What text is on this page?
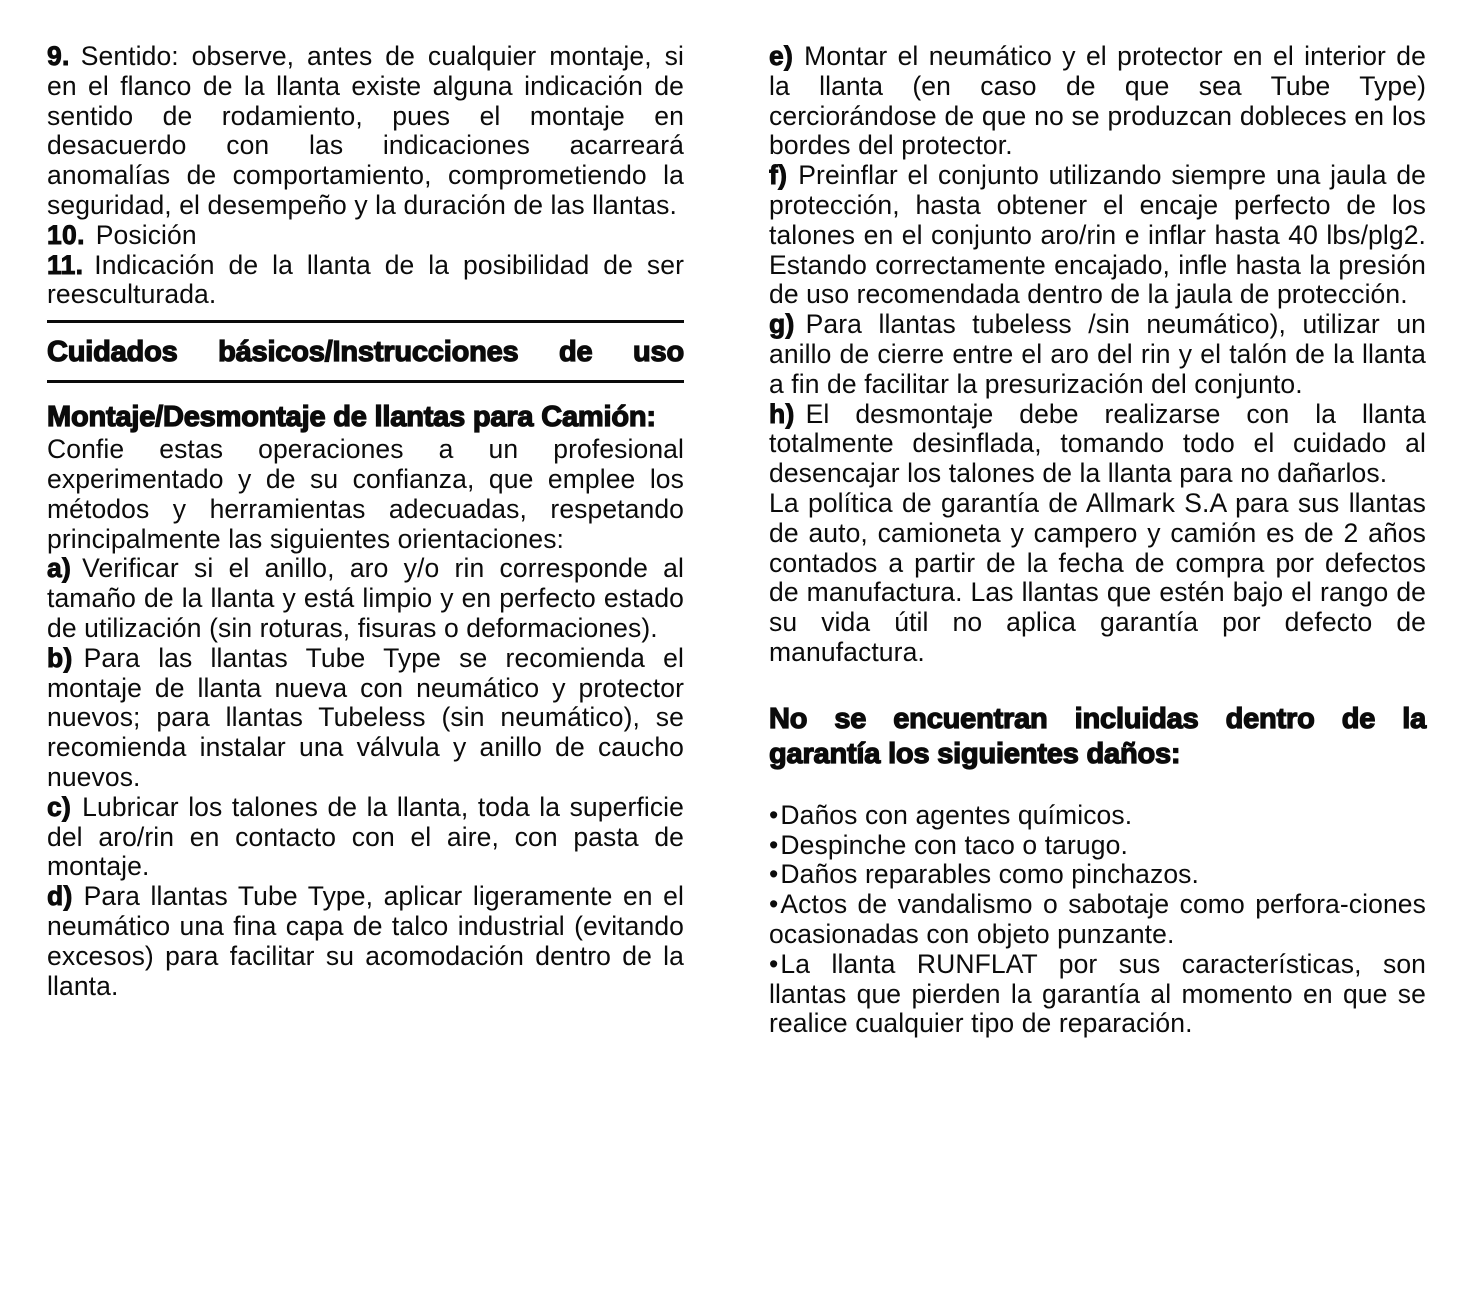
9. Sentido: observe, antes de cualquier montaje, si en el flanco de la llanta existe alguna indicación de sentido de rodamiento, pues el montaje en desacuerdo con las indicaciones acarreará anomalías de comportamiento, comprometiendo la seguridad, el desempeño y la duración de las llantas.

10. Posición

11. Indicación de la llanta de la posibilidad de ser reesculturada.

Cuidados básicos/Instrucciones de uso
Montaje/Desmontaje de llantas para Camión:

Confie estas operaciones a un profesional experimentado y de su confianza, que emplee los métodos y herramientas adecuadas, respetando principalmente las siguientes orientaciones:

a) Verificar si el anillo, aro y/o rin corresponde al tamaño de la llanta y está limpio y en perfecto estado de utilización (sin roturas, fisuras o deformaciones).

b) Para las llantas Tube Type se recomienda el montaje de llanta nueva con neumático y protector nuevos; para llantas Tubeless (sin neumático), se recomienda instalar una válvula y anillo de caucho nuevos.

c) Lubricar los talones de la llanta, toda la superficie del aro/rin en contacto con el aire, con pasta de montaje.

d) Para llantas Tube Type, aplicar ligeramente en el neumático una fina capa de talco industrial (evitando excesos) para facilitar su acomodación dentro de la llanta.

e) Montar el neumático y el protector en el interior de la llanta (en caso de que sea Tube Type) cerciorándose de que no se produzcan dobleces en los bordes del protector.

f) Preinflar el conjunto utilizando siempre una jaula de protección, hasta obtener el encaje perfecto de los talones en el conjunto aro/rin e inflar hasta 40 lbs/plg2. Estando correctamente encajado, infle hasta la presión de uso recomendada dentro de la jaula de protección.

g) Para llantas tubeless /sin neumático), utilizar un anillo de cierre entre el aro del rin y el talón de la llanta a fin de facilitar la presurización del conjunto.

h) El desmontaje debe realizarse con la llanta totalmente desinflada, tomando todo el cuidado al desencajar los talones de la llanta para no dañarlos.

La política de garantía de Allmark S.A para sus llantas de auto, camioneta y campero y camión es de 2 años contados a partir de la fecha de compra por defectos de manufactura. Las llantas que estén bajo el rango de su vida útil no aplica garantía por defecto de manufactura.

No se encuentran incluidas dentro de la garantía los siguientes daños:

•Daños con agentes químicos.

•Despinche con taco o tarugo.

•Daños reparables como pinchazos.

•Actos de vandalismo o sabotaje como perfora-ciones ocasionadas con objeto punzante.

•La llanta RUNFLAT por sus características, son llantas que pierden la garantía al momento en que se realice cualquier tipo de reparación.
